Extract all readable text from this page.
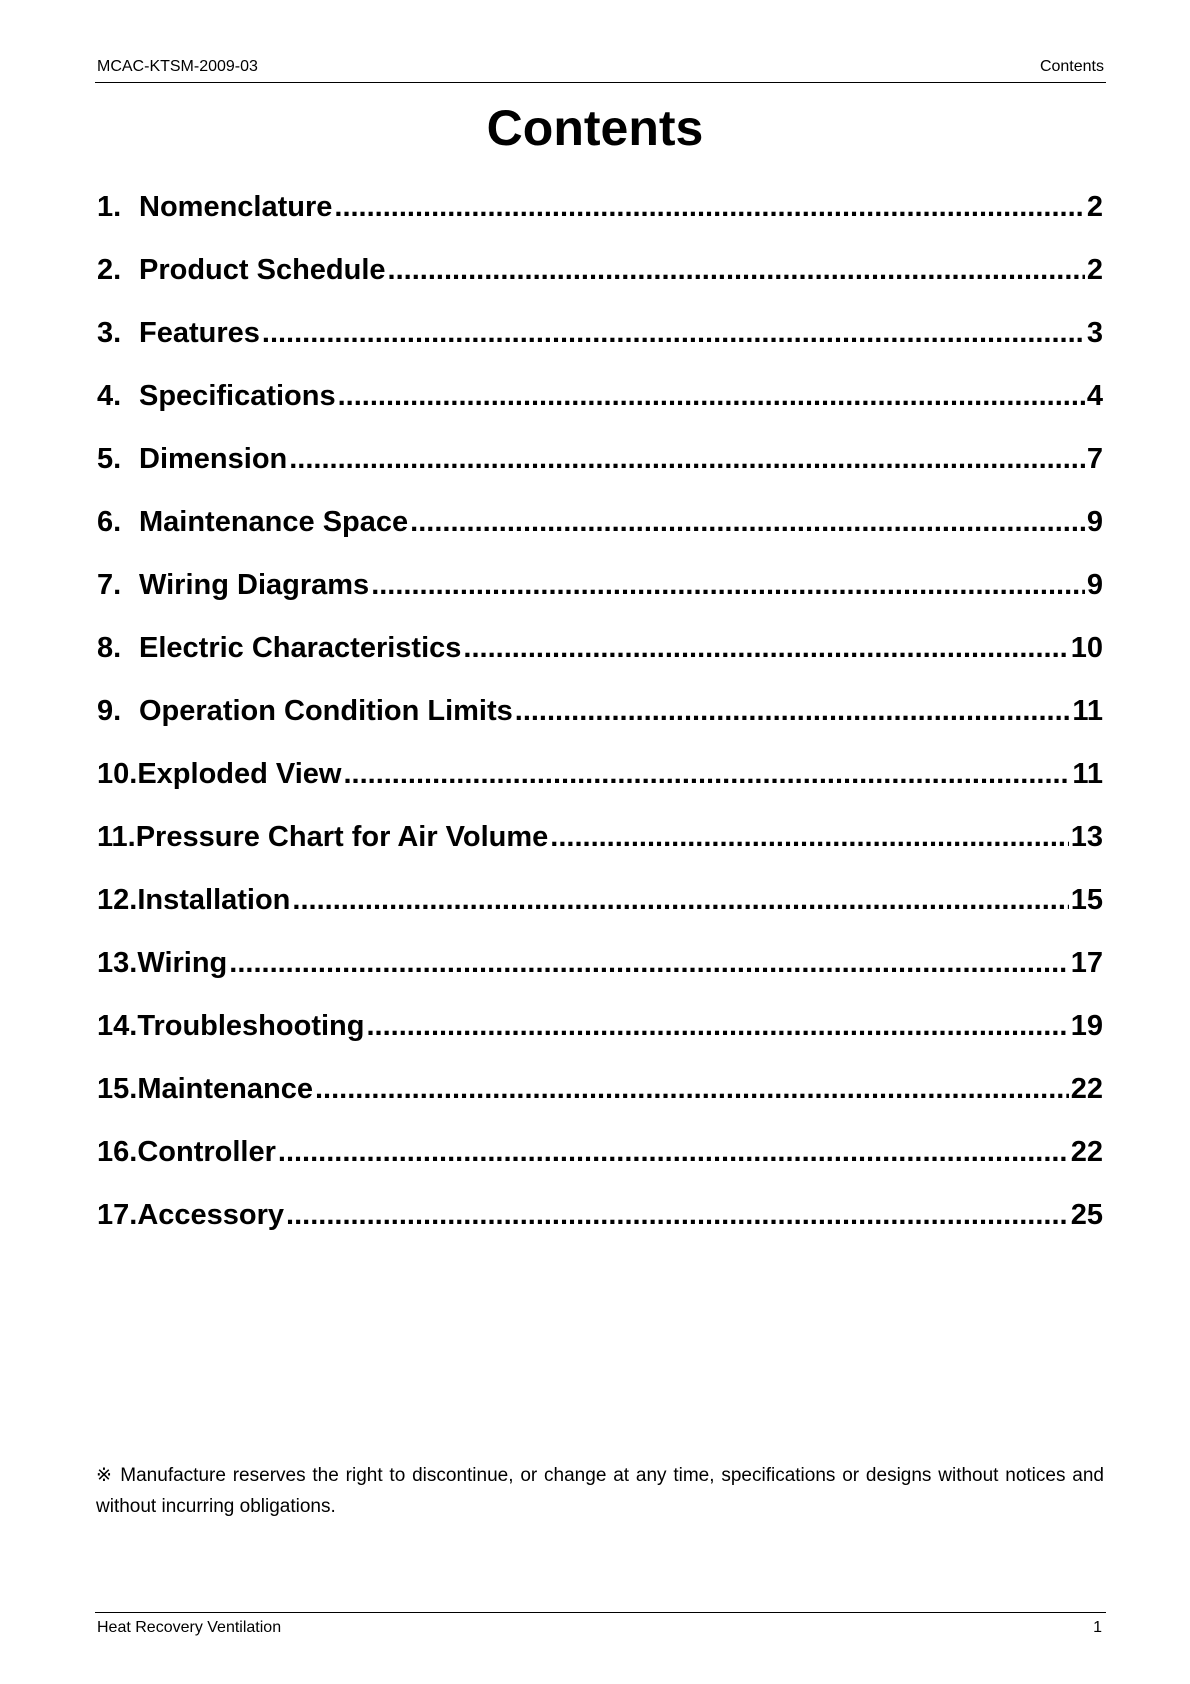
MCAC-KTSM-2009-03	Contents
Contents
1. Nomenclature .....	2
2. Product Schedule .....	2
3. Features .....	3
4. Specifications .....	4
5. Dimension .....	7
6. Maintenance Space .....	9
7. Wiring Diagrams .....	9
8. Electric Characteristics .....	10
9. Operation Condition Limits .....	11
10. Exploded View .....	11
11. Pressure Chart for Air Volume .....	13
12. Installation .....	15
13. Wiring .....	17
14. Troubleshooting .....	19
15. Maintenance .....	22
16. Controller .....	22
17. Accessory .....	25
※ Manufacture reserves the right to discontinue, or change at any time, specifications or designs without notices and without incurring obligations.
Heat Recovery Ventilation	1
